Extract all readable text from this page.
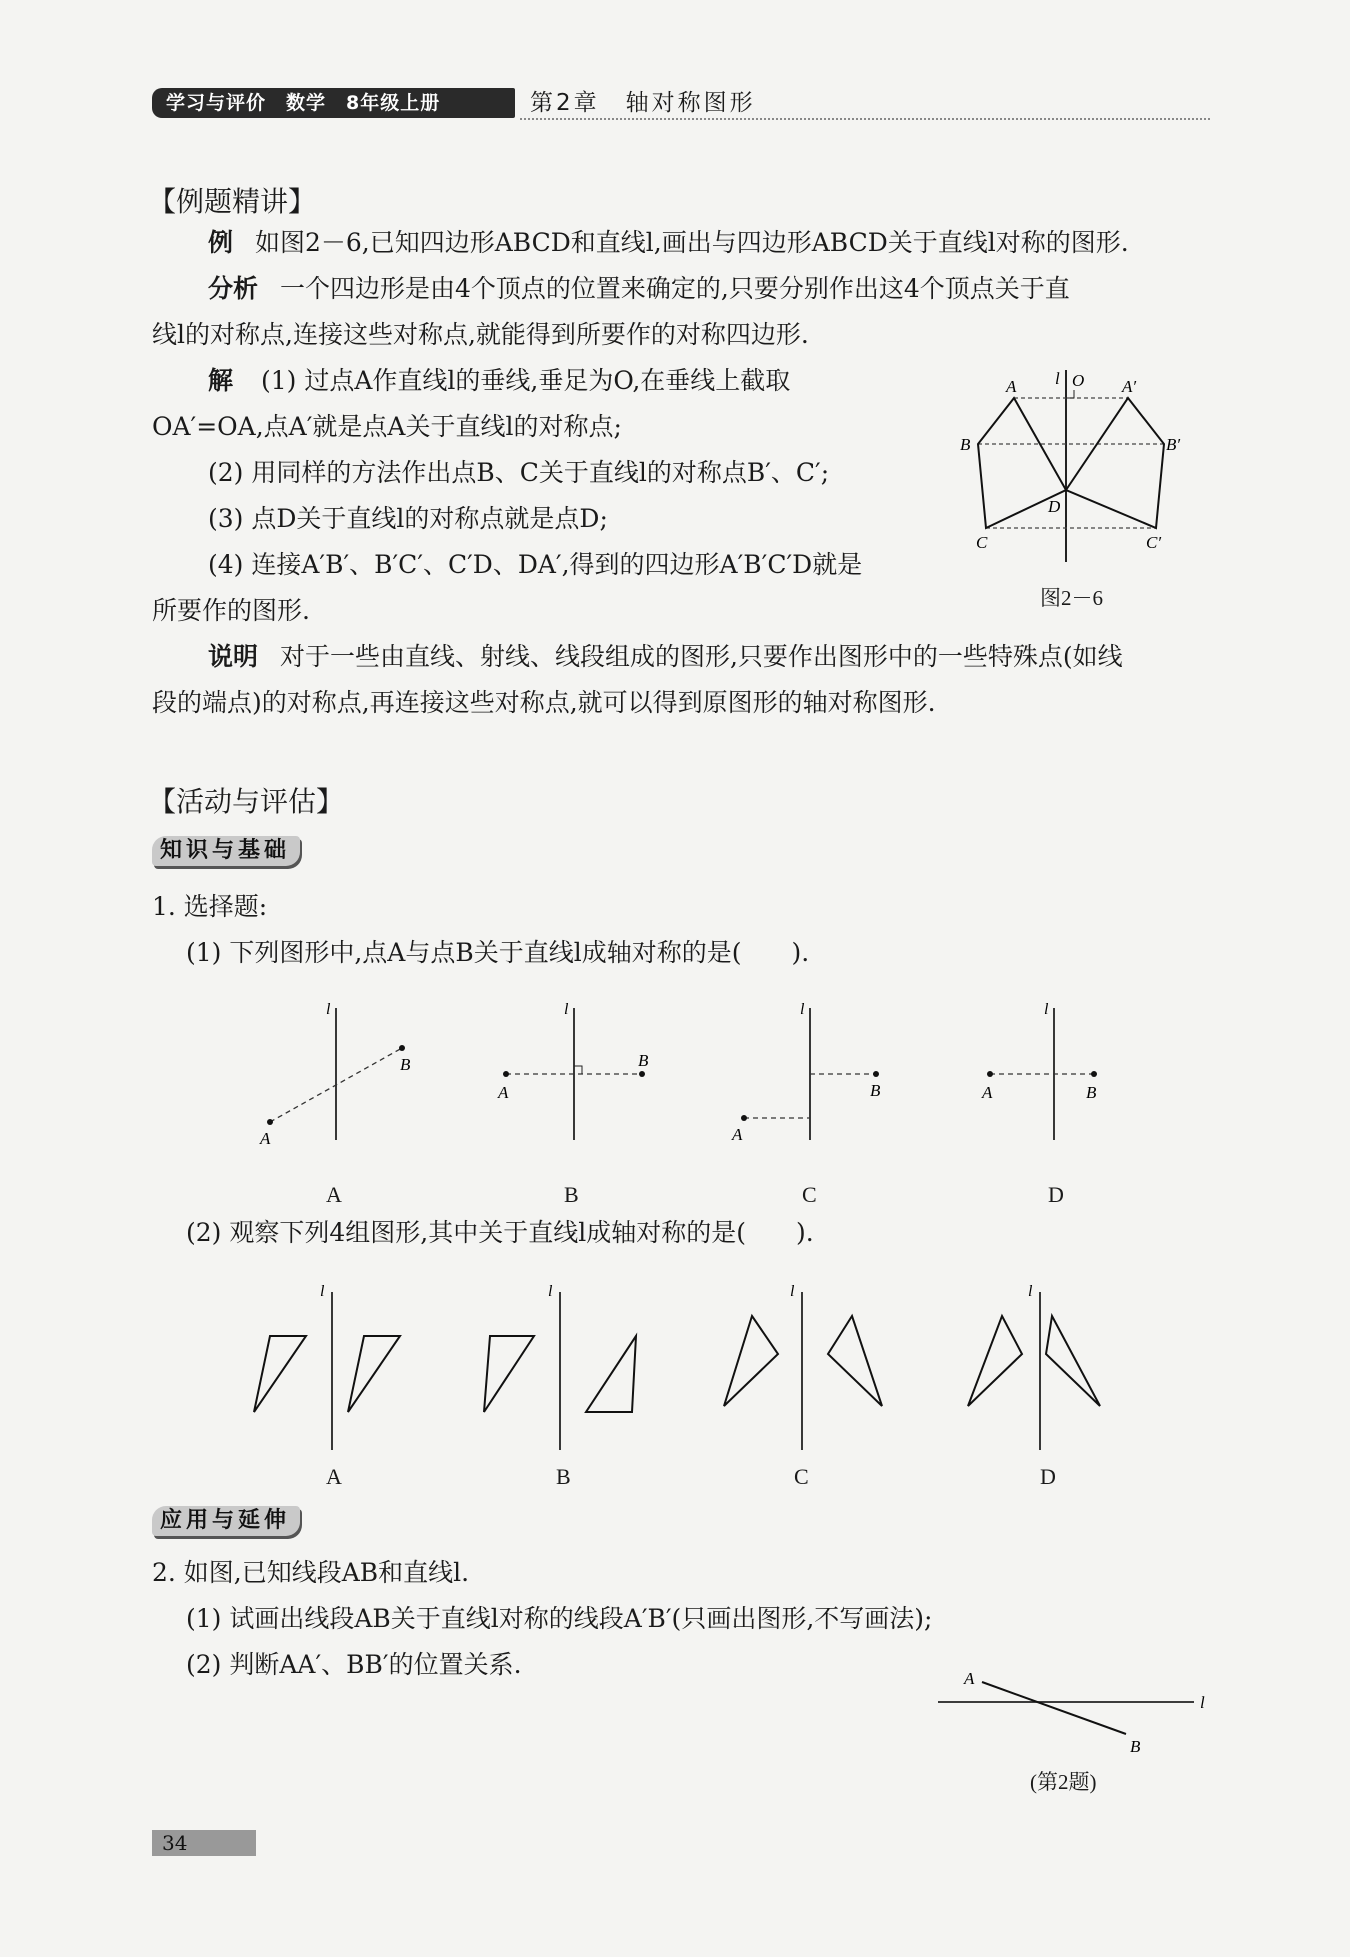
学习与评价　数学　8年级上册	第2章　轴对称图形
【例题精讲】
例 如图2－6,已知四边形ABCD和直线l,画出与四边形ABCD关于直线l对称的图形.
分析 一个四边形是由4个顶点的位置来确定的,只要分别作出这4个顶点关于直
线l的对称点,连接这些对称点,就能得到所要作的对称四边形.
解 (1) 过点A作直线l的垂线,垂足为O,在垂线上截取
OA′=OA,点A′就是点A关于直线l的对称点;
(2) 用同样的方法作出点B、C关于直线l的对称点B′、C′;
(3) 点D关于直线l的对称点就是点D;
(4) 连接A′B′、B′C′、C′D、DA′,得到的四边形A′B′C′D就是
所要作的图形.
说明 对于一些由直线、射线、线段组成的图形,只要作出图形中的一些特殊点(如线
段的端点)的对称点,再连接这些对称点,就可以得到原图形的轴对称图形.
A l O A′
B	B′
D
C	C′
图2－6
【活动与评估】
知识与基础
1. 选择题:
(1) 下列图形中,点A与点B关于直线l成轴对称的是(　　).
l
A
B
l
A
B
l
A
B
l
A	B
A	B	C	D
(2) 观察下列4组图形,其中关于直线l成轴对称的是(　　).
l	l	l	l
A	B	C	D
应用与延伸
2. 如图,已知线段AB和直线l.
(1) 试画出线段AB关于直线l对称的线段A′B′(只画出图形,不写画法);
(2) 判断AA′、BB′的位置关系.	A
l
B
(第2题)
34
